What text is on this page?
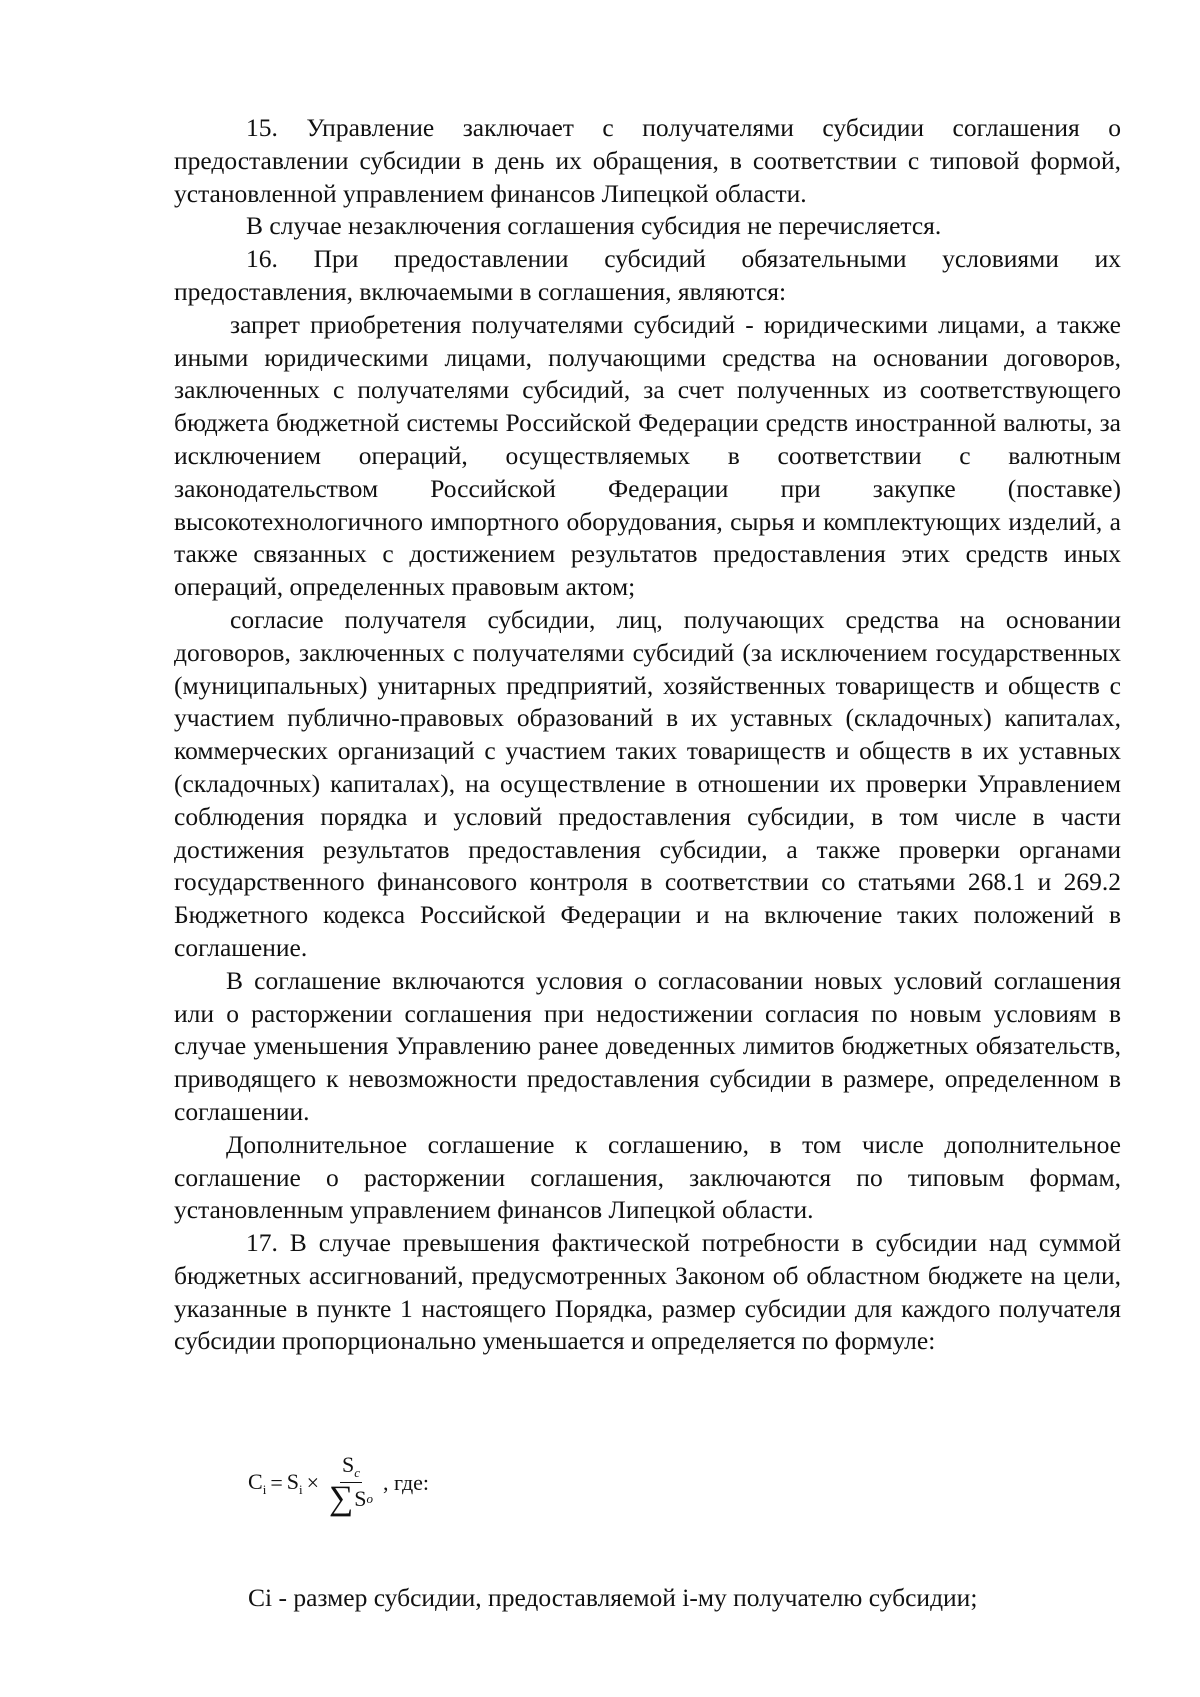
15. Управление заключает с получателями субсидии соглашения о предоставлении субсидии в день их обращения, в соответствии с типовой формой, установленной управлением финансов Липецкой области.

В случае незаключения соглашения субсидия не перечисляется.

16. При предоставлении субсидий обязательными условиями их предоставления, включаемыми в соглашения, являются:

запрет приобретения получателями субсидий - юридическими лицами, а также иными юридическими лицами, получающими средства на основании договоров, заключенных с получателями субсидий, за счет полученных из соответствующего бюджета бюджетной системы Российской Федерации средств иностранной валюты, за исключением операций, осуществляемых в соответствии с валютным законодательством Российской Федерации при закупке (поставке) высокотехнологичного импортного оборудования, сырья и комплектующих изделий, а также связанных с достижением результатов предоставления этих средств иных операций, определенных правовым актом;

согласие получателя субсидии, лиц, получающих средства на основании договоров, заключенных с получателями субсидий (за исключением государственных (муниципальных) унитарных предприятий, хозяйственных товариществ и обществ с участием публично-правовых образований в их уставных (складочных) капиталах, коммерческих организаций с участием таких товариществ и обществ в их уставных (складочных) капиталах), на осуществление в отношении их проверки Управлением соблюдения порядка и условий предоставления субсидии, в том числе в части достижения результатов предоставления субсидии, а также проверки органами государственного финансового контроля в соответствии со статьями 268.1 и 269.2 Бюджетного кодекса Российской Федерации и на включение таких положений в соглашение.

В соглашение включаются условия о согласовании новых условий соглашения или о расторжении соглашения при недостижении согласия по новым условиям в случае уменьшения Управлению ранее доведенных лимитов бюджетных обязательств, приводящего к невозможности предоставления субсидии в размере, определенном в соглашении.

Дополнительное соглашение к соглашению, в том числе дополнительное соглашение о расторжении соглашения, заключаются по типовым формам, установленным управлением финансов Липецкой области.

17. В случае превышения фактической потребности в субсидии над суммой бюджетных ассигнований, предусмотренных Законом об областном бюджете на цели, указанные в пункте 1 настоящего Порядка, размер субсидии для каждого получателя субсидии пропорционально уменьшается и определяется по формуле:

$C_i = S_i \times \frac{S_c}{\text{∑ S o}}$ , где:

Ci - размер субсидии, предоставляемой i-му получателю субсидии;
